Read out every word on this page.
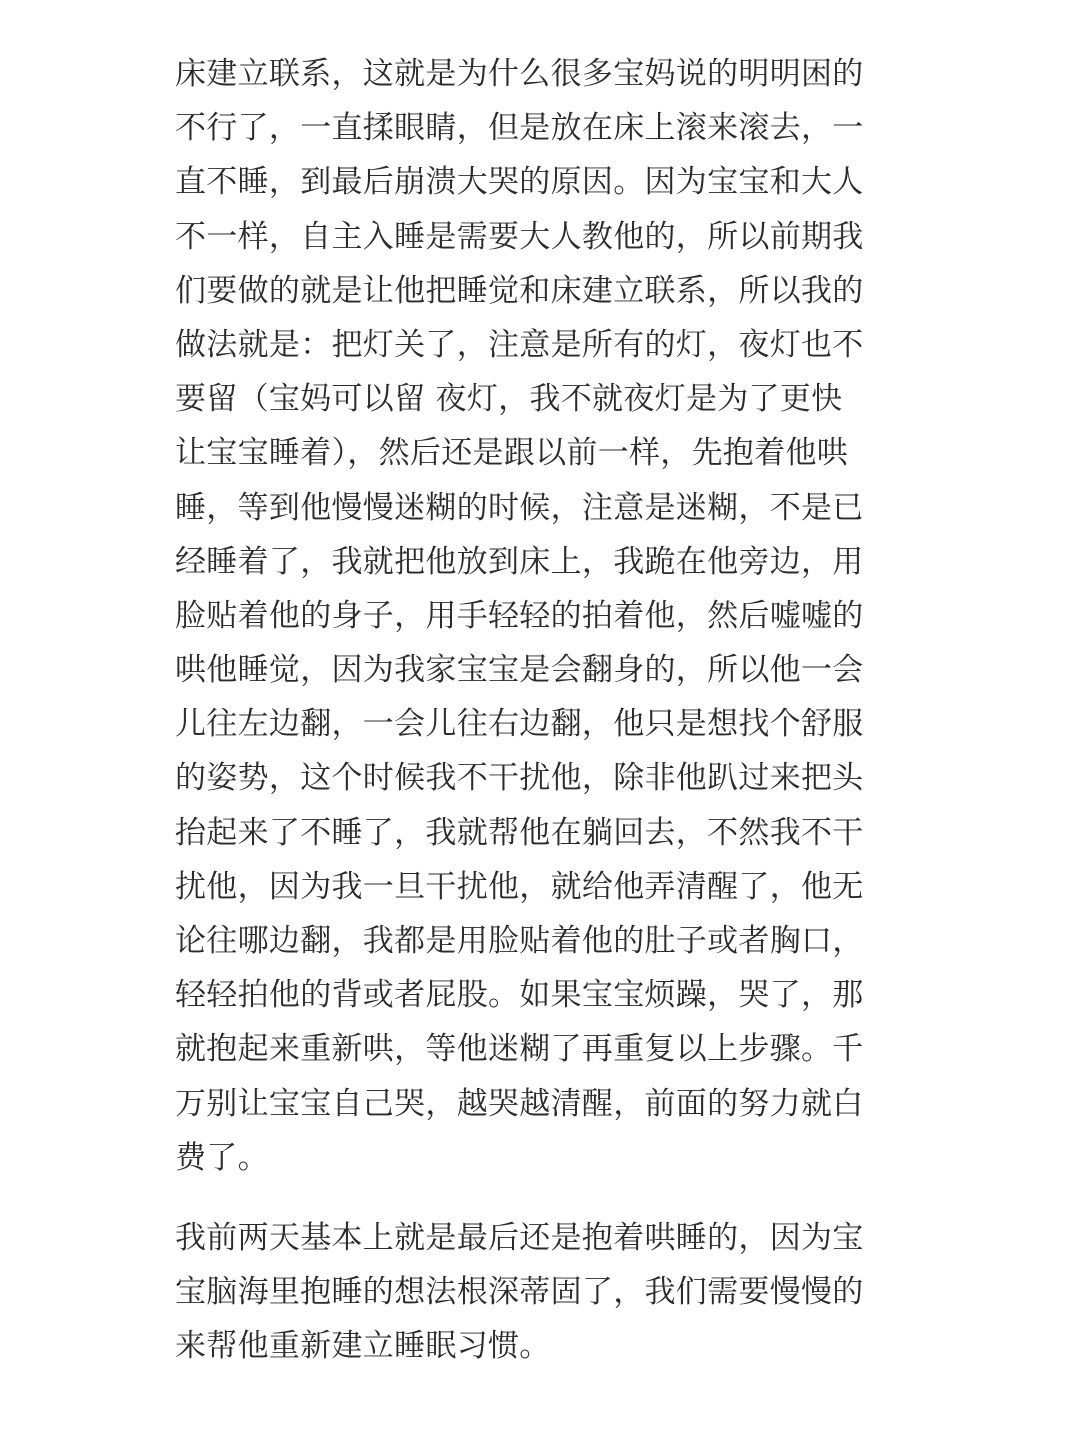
床建立联系，这就是为什么很多宝妈说的明明困的
不行了，一直揉眼睛，但是放在床上滚来滚去，一
直不睡，到最后崩溃大哭的原因。因为宝宝和大人
不一样，自主入睡是需要大人教他的，所以前期我
们要做的就是让他把睡觉和床建立联系，所以我的
做法就是：把灯关了，注意是所有的灯，夜灯也不
要留（宝妈可以留 夜灯，我不就夜灯是为了更快
让宝宝睡着），然后还是跟以前一样，先抱着他哄
睡，等到他慢慢迷糊的时候，注意是迷糊，不是已
经睡着了，我就把他放到床上，我跪在他旁边，用
脸贴着他的身子，用手轻轻的拍着他，然后嘘嘘的
哄他睡觉，因为我家宝宝是会翻身的，所以他一会
儿往左边翻，一会儿往右边翻，他只是想找个舒服
的姿势，这个时候我不干扰他，除非他趴过来把头
抬起来了不睡了，我就帮他在躺回去，不然我不干
扰他，因为我一旦干扰他，就给他弄清醒了，他无
论往哪边翻，我都是用脸贴着他的肚子或者胸口，
轻轻拍他的背或者屁股。如果宝宝烦躁，哭了，那
就抱起来重新哄，等他迷糊了再重复以上步骤。千
万别让宝宝自己哭，越哭越清醒，前面的努力就白
费了。
我前两天基本上就是最后还是抱着哄睡的，因为宝
宝脑海里抱睡的想法根深蒂固了，我们需要慢慢的
来帮他重新建立睡眠习惯。
